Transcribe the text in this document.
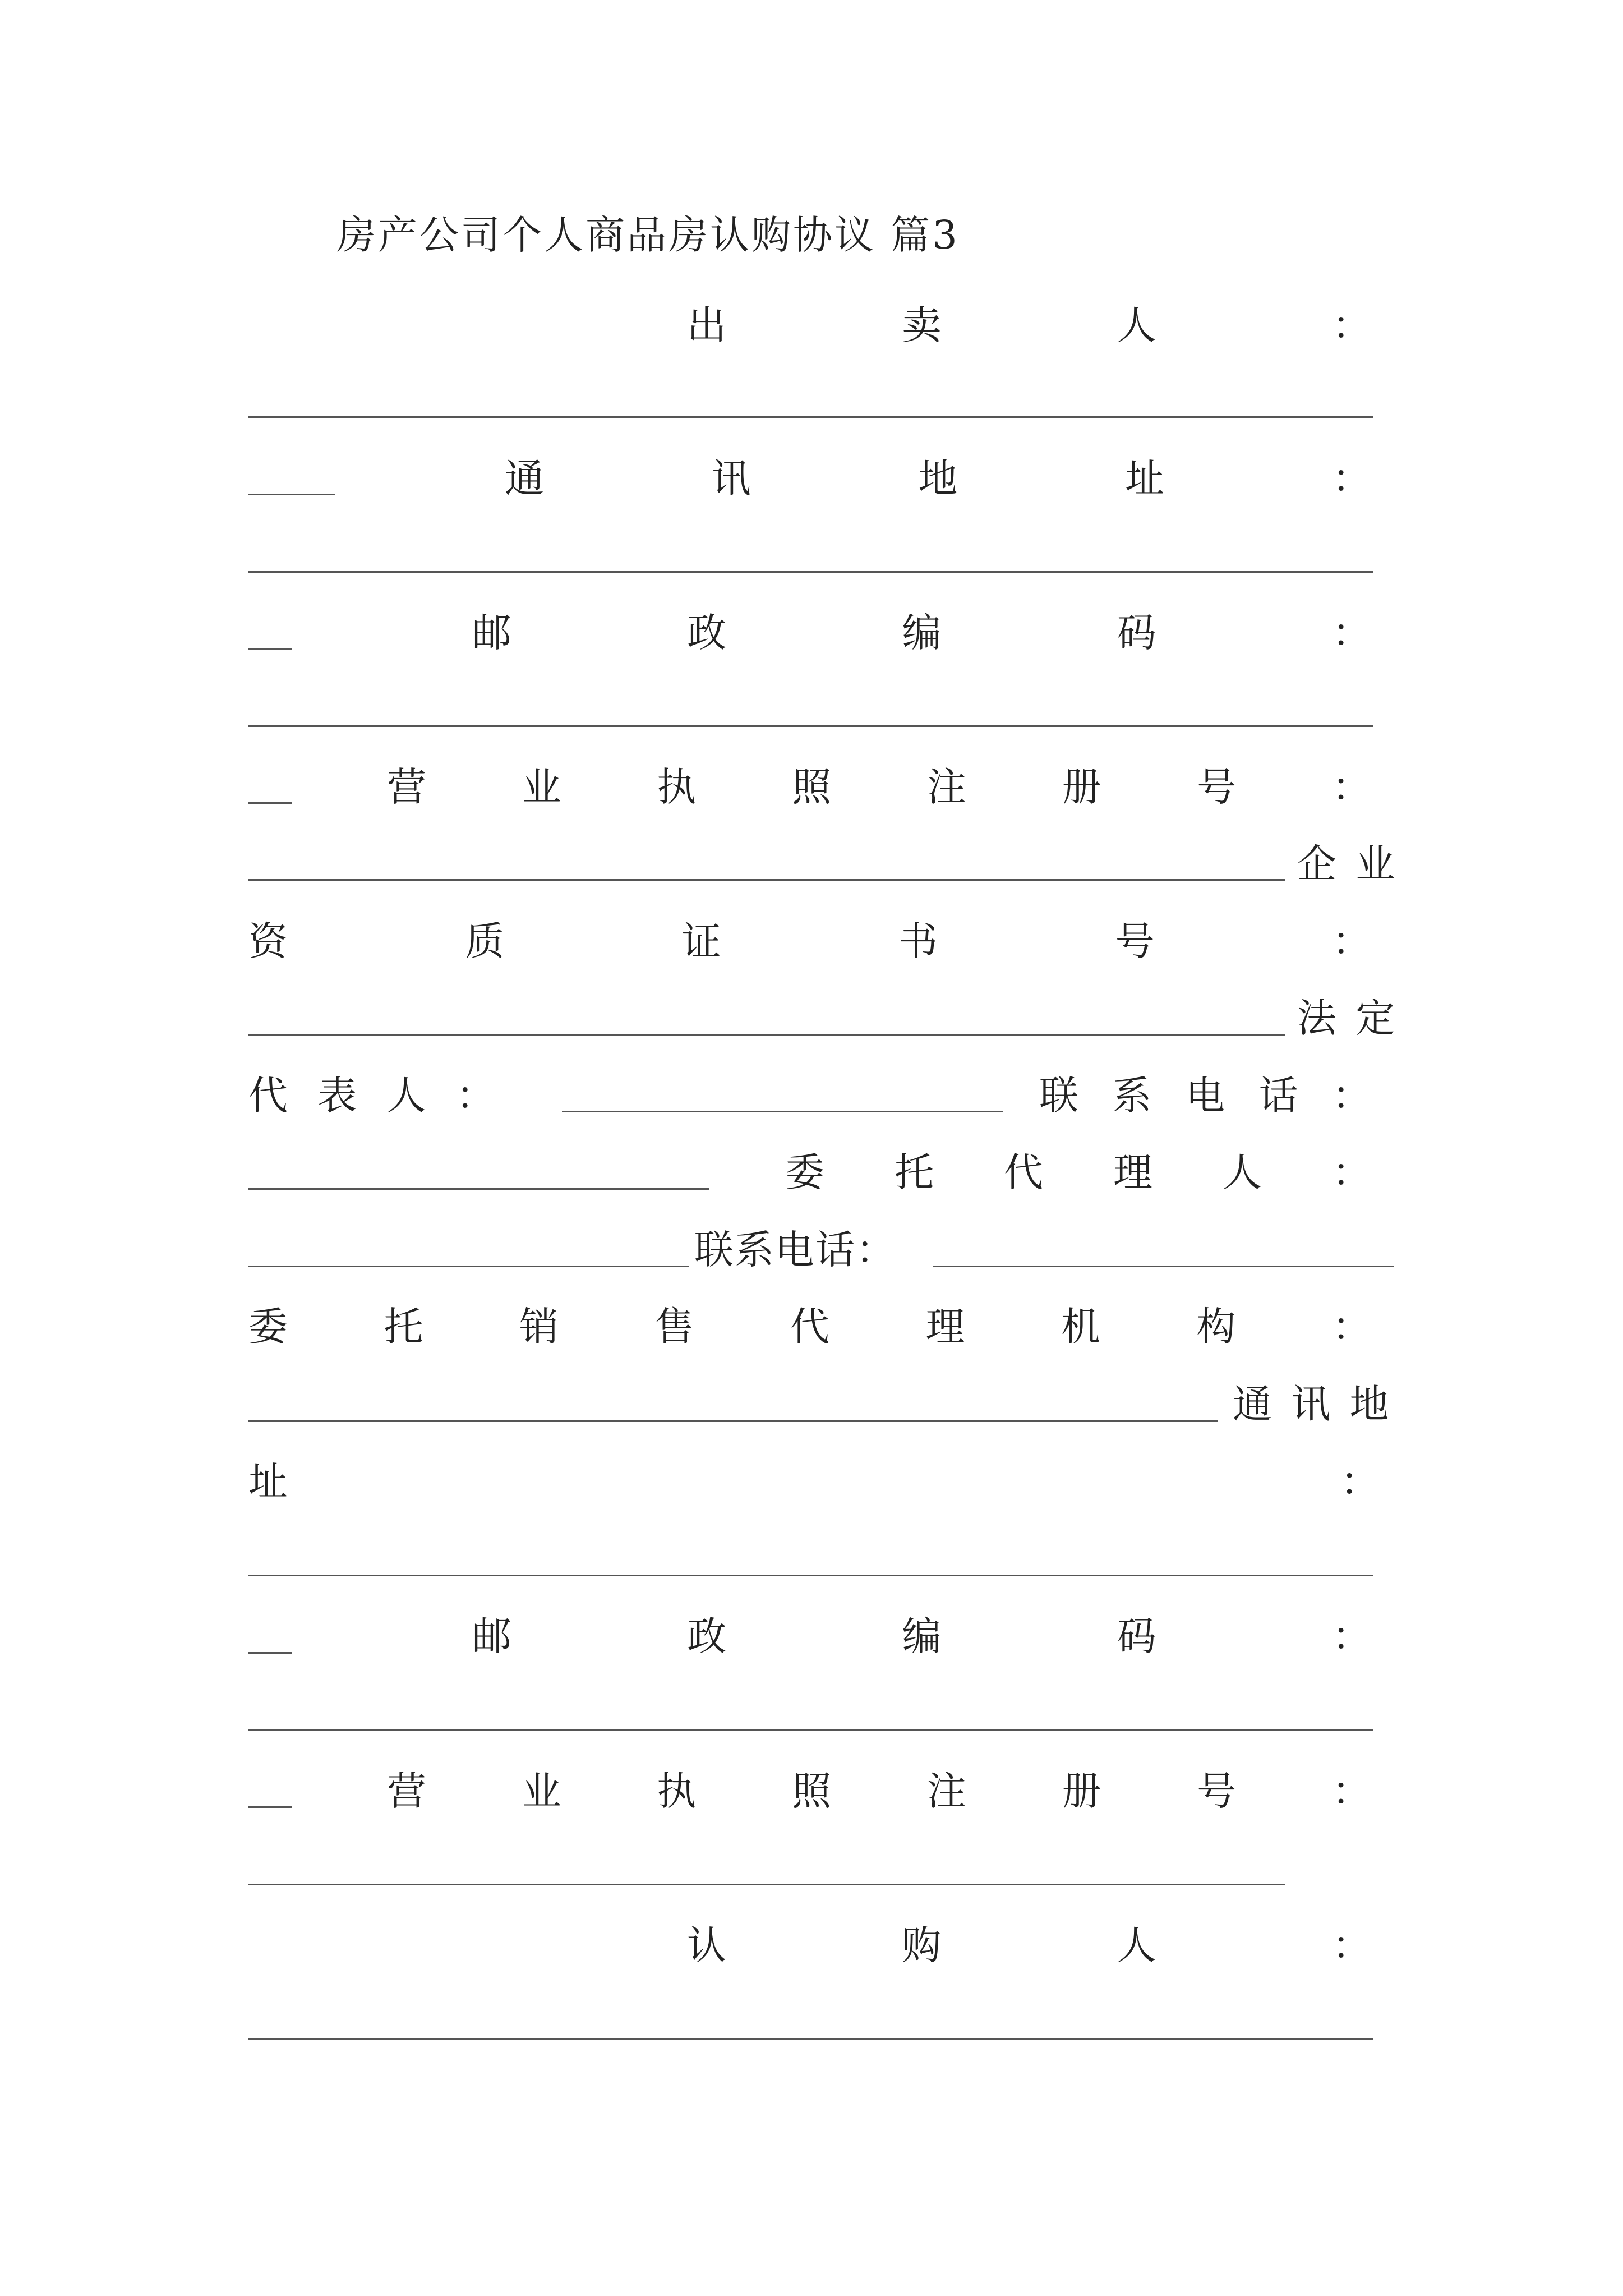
房产公司个人商品房认购协议 篇3
出	卖	人	：
通	讯	地	址	：
邮	政	编	码	：
营 业 执 照 注 册 号 ：
企 业
资	质	证	书	号	：
法 定
代 表 人 ：	联 系 电 话 ：
委 托 代 理 人 ：
联系电话：
委 托 销 售 代 理 机 构 ：
通 讯 地
址	：
邮	政	编	码	：
营 业 执 照 注 册 号 ：
认	购	人	：
